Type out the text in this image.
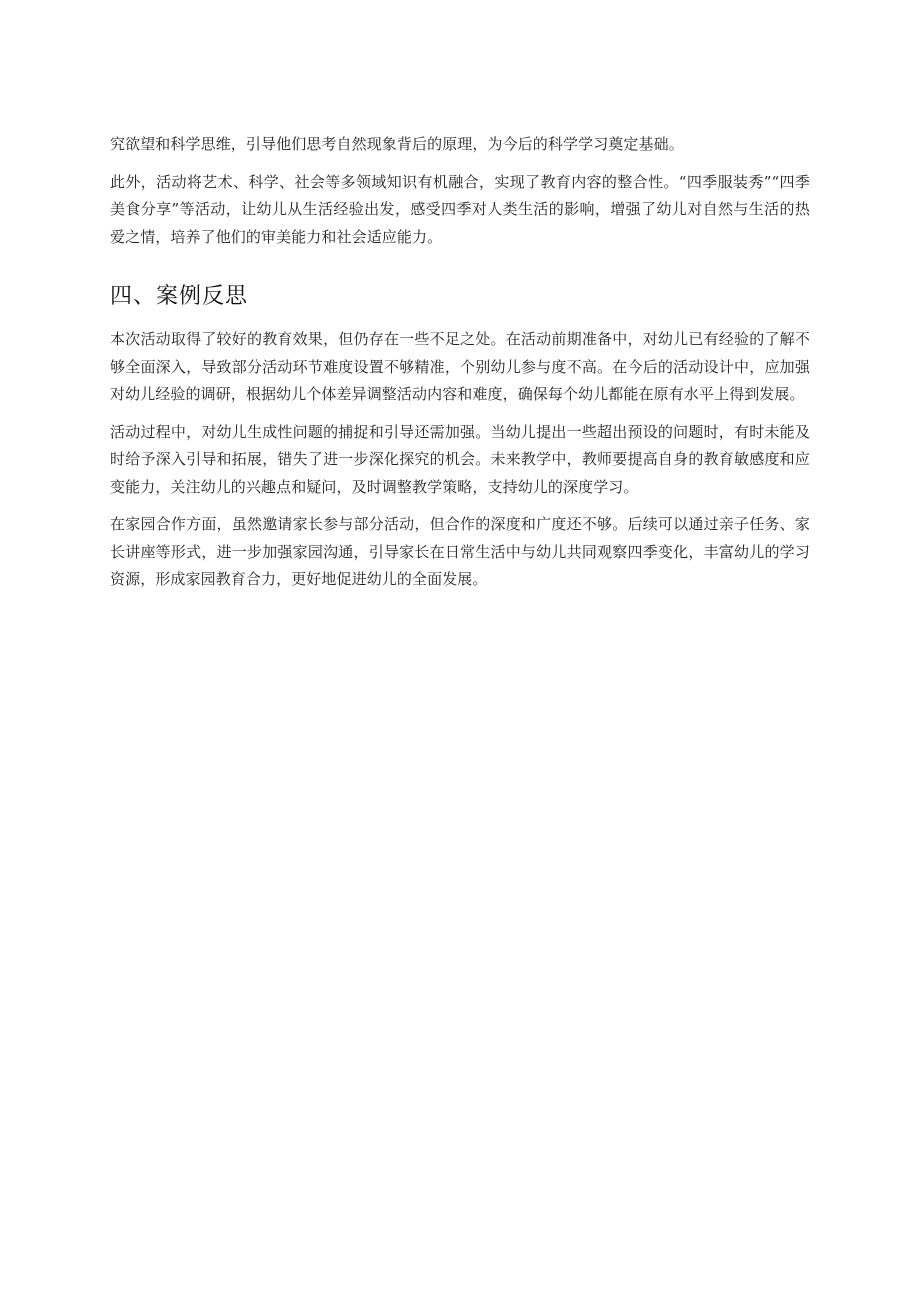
究欲望和科学思维，引导他们思考自然现象背后的原理，为今后的科学学习奠定基础。

此外，活动将艺术、科学、社会等多领域知识有机融合，实现了教育内容的整合性。“四季服装秀”“四季美食分享”等活动，让幼儿从生活经验出发，感受四季对人类生活的影响，增强了幼儿对自然与生活的热爱之情，培养了他们的审美能力和社会适应能力。

四、案例反思

本次活动取得了较好的教育效果，但仍存在一些不足之处。在活动前期准备中，对幼儿已有经验的了解不够全面深入，导致部分活动环节难度设置不够精准，个别幼儿参与度不高。在今后的活动设计中，应加强对幼儿经验的调研，根据幼儿个体差异调整活动内容和难度，确保每个幼儿都能在原有水平上得到发展。

活动过程中，对幼儿生成性问题的捕捉和引导还需加强。当幼儿提出一些超出预设的问题时，有时未能及时给予深入引导和拓展，错失了进一步深化探究的机会。未来教学中，教师要提高自身的教育敏感度和应变能力，关注幼儿的兴趣点和疑问，及时调整教学策略，支持幼儿的深度学习。

在家园合作方面，虽然邀请家长参与部分活动，但合作的深度和广度还不够。后续可以通过亲子任务、家长讲座等形式，进一步加强家园沟通，引导家长在日常生活中与幼儿共同观察四季变化，丰富幼儿的学习资源，形成家园教育合力，更好地促进幼儿的全面发展。
